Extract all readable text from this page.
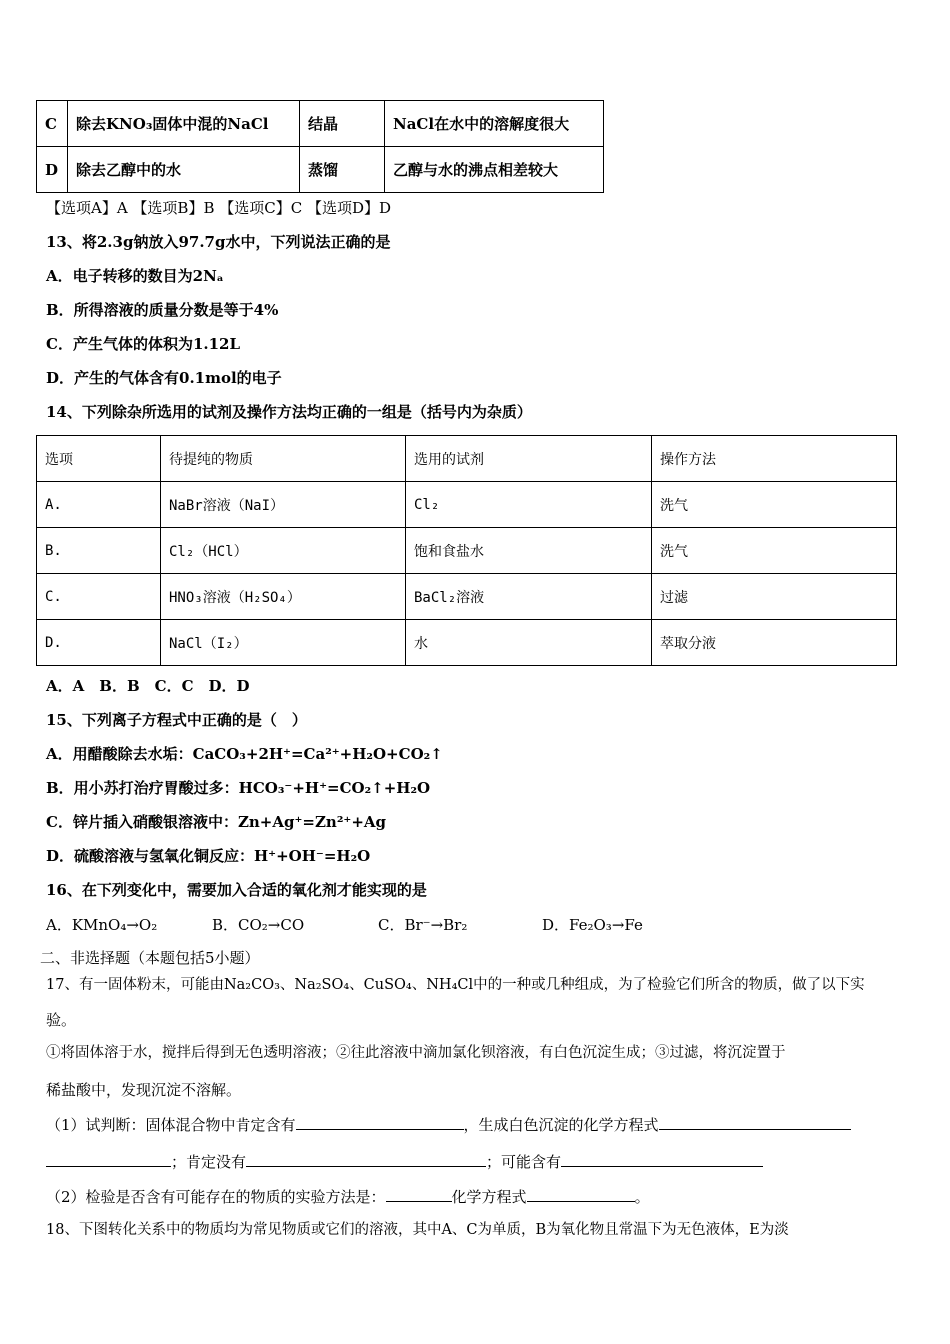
C	除去KNO₃固体中混的NaCl	结晶	NaCl在水中的溶解度很大
D	除去乙醇中的水	蒸馏	乙醇与水的沸点相差较大
【选项A】A 【选项B】B 【选项C】C 【选项D】D
13、将2.3g钠放入97.7g水中，下列说法正确的是
A．电子转移的数目为2Nₐ
B．所得溶液的质量分数是等于4%
C．产生气体的体积为1.12L
D．产生的气体含有0.1mol的电子
14、下列除杂所选用的试剂及操作方法均正确的一组是（括号内为杂质）
选项	待提纯的物质	选用的试剂	操作方法
A.	NaBr溶液（NaI）	Cl₂	洗气
B.	Cl₂（HCl）	饱和食盐水	洗气
C.	HNO₃溶液（H₂SO₄）	BaCl₂溶液	过滤
D.	NaCl（I₂）	水	萃取分液
A．A　B．B　C．C　D．D
15、下列离子方程式中正确的是（　）
A．用醋酸除去水垢：CaCO₃+2H⁺=Ca²⁺+H₂O+CO₂↑
B．用小苏打治疗胃酸过多：HCO₃⁻+H⁺=CO₂↑+H₂O
C．锌片插入硝酸银溶液中：Zn+Ag⁺=Zn²⁺+Ag
D．硫酸溶液与氢氧化铜反应：H⁺+OH⁻=H₂O
16、在下列变化中，需要加入合适的氧化剂才能实现的是
A．KMnO₄→O₂	B．CO₂→CO	C．Br⁻→Br₂	D．Fe₂O₃→Fe
二、非选择题（本题包括5小题）
17、有一固体粉末，可能由Na₂CO₃、Na₂SO₄、CuSO₄、NH₄Cl中的一种或几种组成，为了检验它们所含的物质，做了以下实
验。
①将固体溶于水，搅拌后得到无色透明溶液；②往此溶液中滴加氯化钡溶液，有白色沉淀生成；③过滤，将沉淀置于
稀盐酸中，发现沉淀不溶解。
（1）试判断：固体混合物中肯定含有	，生成白色沉淀的化学方程式
；肯定没有	；可能含有
（2）检验是否含有可能存在的物质的实验方法是：	化学方程式	。
18、下图转化关系中的物质均为常见物质或它们的溶液，其中A、C为单质，B为氧化物且常温下为无色液体，E为淡
